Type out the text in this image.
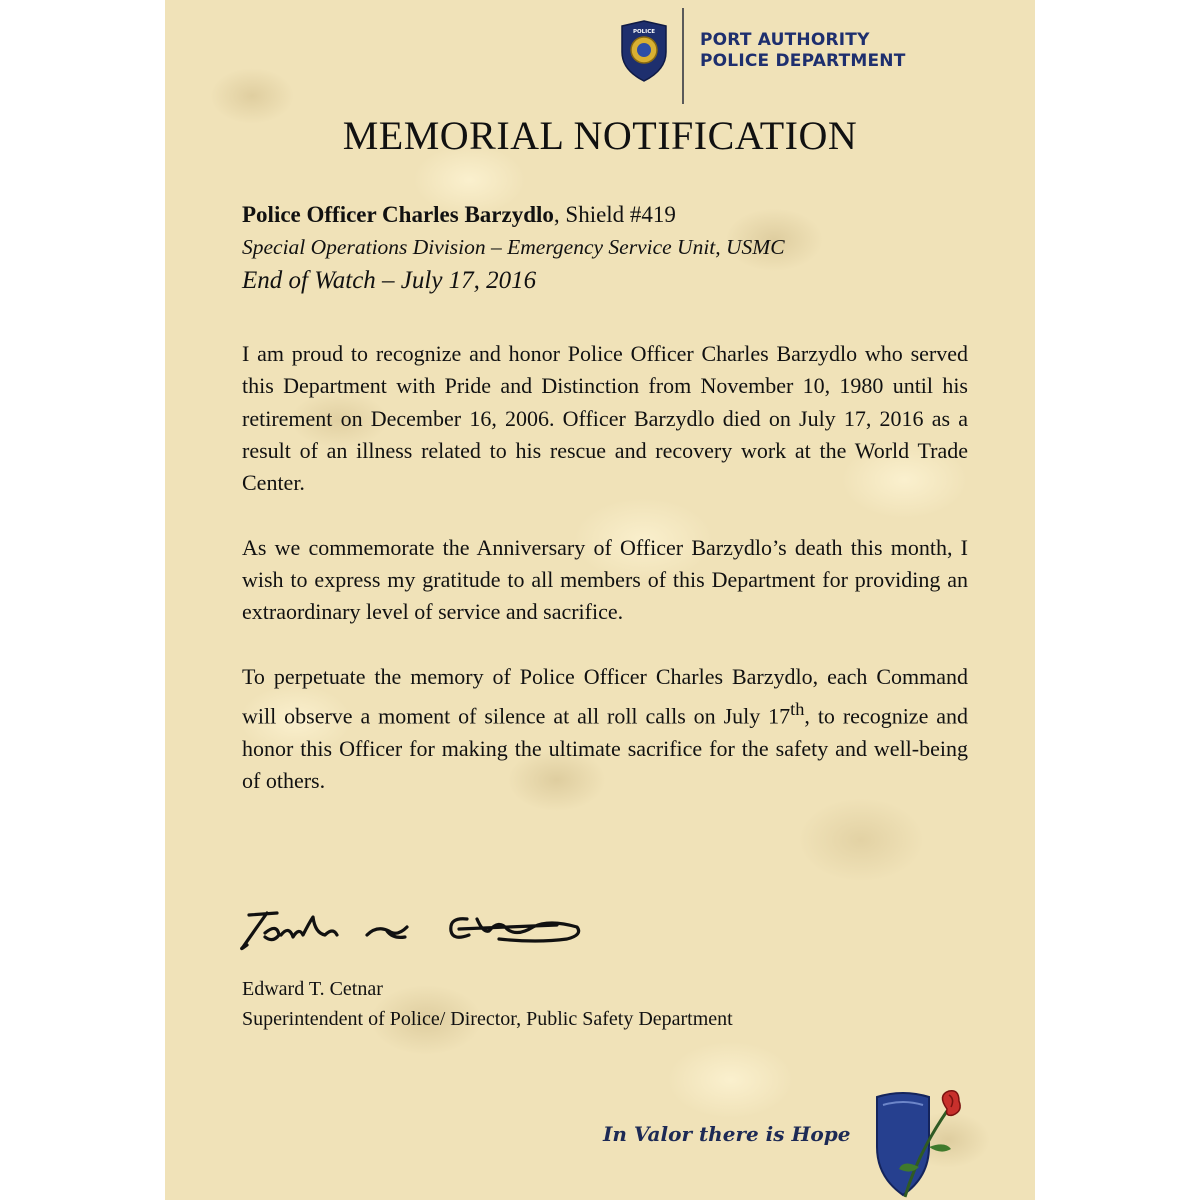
POLICE	PORT AUTHORITY
POLICE DEPARTMENT
MEMORIAL NOTIFICATION
Police Officer Charles Barzydlo, Shield #419
Special Operations Division – Emergency Service Unit, USMC
End of Watch – July 17, 2016

I am proud to recognize and honor Police Officer Charles Barzydlo who served this Department with Pride and Distinction from November 10, 1980 until his retirement on December 16, 2006. Officer Barzydlo died on July 17, 2016 as a result of an illness related to his rescue and recovery work at the World Trade Center.

As we commemorate the Anniversary of Officer Barzydlo’s death this month, I wish to express my gratitude to all members of this Department for providing an extraordinary level of service and sacrifice.

To perpetuate the memory of Police Officer Charles Barzydlo, each Command will observe a moment of silence at all roll calls on July 17th, to recognize and honor this Officer for making the ultimate sacrifice for the safety and well-being of others.

Edward T. Cetnar
Superintendent of Police/ Director, Public Safety Department
In Valor there is Hope
